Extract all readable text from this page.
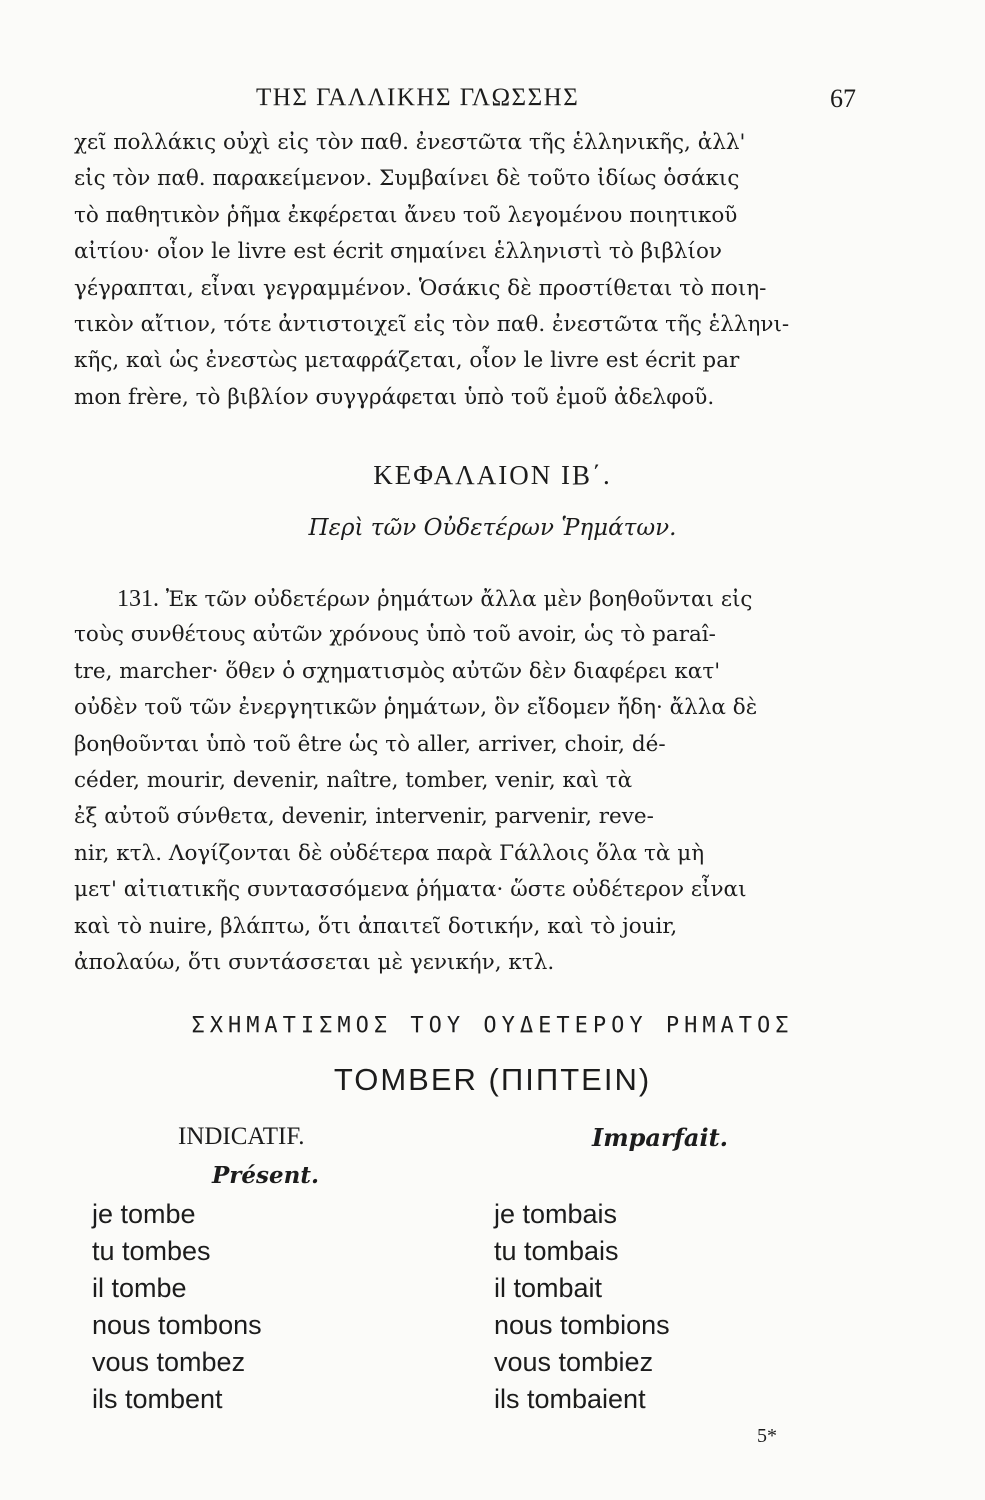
ΤΗΣ ΓΑΛΛΙΚΗΣ ΓΛΩΣΣΗΣ	67
χεῖ πολλάκις οὐχὶ εἰς τὸν παθ. ἐνεστῶτα τῆς ἑλληνικῆς, ἀλλ'
εἰς τὸν παθ. παρακείμενον. Συμβαίνει δὲ τοῦτο ἰδίως ὁσάκις
τὸ παθητικὸν ῥῆμα ἐκφέρεται ἄνευ τοῦ λεγομένου ποιητικοῦ
αἰτίου· οἷον le livre est écrit σημαίνει ἑλληνιστὶ τὸ βιβλίον
γέγραπται, εἶναι γεγραμμένον. Ὁσάκις δὲ προστίθεται τὸ ποιη-
τικὸν αἴτιον, τότε ἀντιστοιχεῖ εἰς τὸν παθ. ἐνεστῶτα τῆς ἑλληνι-
κῆς, καὶ ὡς ἐνεστὼς μεταφράζεται, οἷον le livre est écrit par
mon frère, τὸ βιβλίον συγγράφεται ὑπὸ τοῦ ἐμοῦ ἀδελφοῦ.
ΚΕΦΑΛΑΙΟΝ ΙΒ΄.
Περὶ τῶν Οὐδετέρων Ῥημάτων.
  131. Ἐκ τῶν οὐδετέρων ῥημάτων ἄλλα μὲν βοηθοῦνται εἰς
τοὺς συνθέτους αὐτῶν χρόνους ὑπὸ τοῦ avoir, ὡς τὸ paraî-
tre, marcher· ὅθεν ὁ σχηματισμὸς αὐτῶν δὲν διαφέρει κατ'
οὐδὲν τοῦ τῶν ἐνεργητικῶν ῥημάτων, ὃν εἴδομεν ἤδη· ἄλλα δὲ
βοηθοῦνται ὑπὸ τοῦ être ὡς τὸ aller, arriver, choir, dé-
céder, mourir, devenir, naître, tomber, venir, καὶ τὰ
ἐξ αὐτοῦ σύνθετα, devenir, intervenir, parvenir, reve-
nir, κτλ. Λογίζονται δὲ οὐδέτερα παρὰ Γάλλοις ὅλα τὰ μὴ
μετ' αἰτιατικῆς συντασσόμενα ῥήματα· ὥστε οὐδέτερον εἶναι
καὶ τὸ nuire, βλάπτω, ὅτι ἀπαιτεῖ δοτικήν, καὶ τὸ jouir,
ἀπολαύω, ὅτι συντάσσεται μὲ γενικήν, κτλ.
ΣΧΗΜΑΤΙΣΜΟΣ ΤΟΥ ΟΥΔΕΤΕΡΟΥ ΡΗΜΑΤΟΣ
TOMBER (ΠΙΠΤΕΙΝ)
INDICATIF.
Présent.
Imparfait.
je tombe
tu tombes
il tombe
nous tombons
vous tombez
ils tombent
je tombais
tu tombais
il tombait
nous tombions
vous tombiez
ils tombaient
5*
